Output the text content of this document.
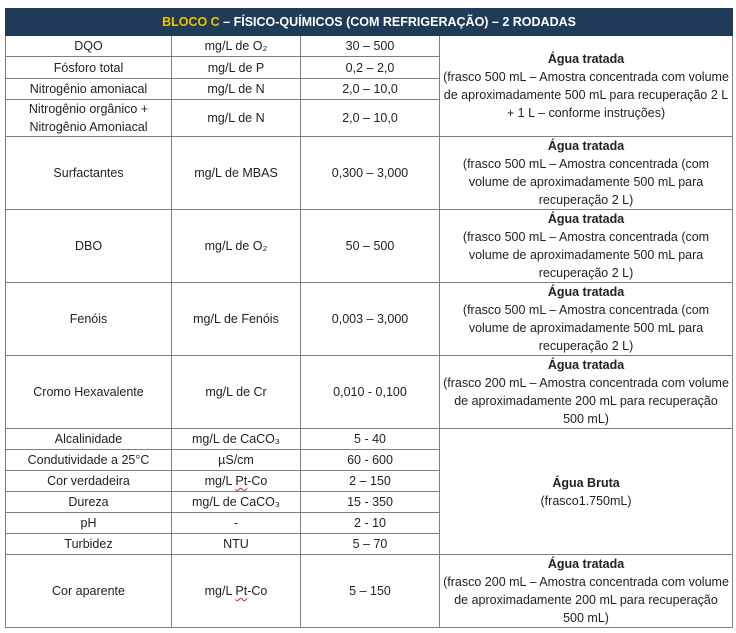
BLOCO C – FÍSICO-QUÍMICOS (COM REFRIGERAÇÃO) – 2 RODADAS			
DQO	mg/L de O₂	30 – 500	Água tratada
(frasco 500 mL – Amostra concentrada com volume de aproximadamente 500 mL para recuperação 2 L + 1 L – conforme instruções)

Fósforo total	mg/L de P	0,2 – 2,0	
Nitrogênio amoniacal	mg/L de N	2,0 – 10,0	
Nitrogênio orgânico + Nitrogênio Amoniacal	mg/L de N	2,0 – 10,0	
Surfactantes	mg/L de MBAS	0,300 – 3,000	Água tratada
(frasco 500 mL – Amostra concentrada (com volume de aproximadamente 500 mL para recuperação 2 L)

DBO	mg/L de O₂	50 – 500	Água tratada
(frasco 500 mL – Amostra concentrada (com volume de aproximadamente 500 mL para recuperação 2 L)

Fenóis	mg/L de Fenóis	0,003 – 3,000	Água tratada
(frasco 500 mL – Amostra concentrada (com volume de aproximadamente 500 mL para recuperação 2 L)

Cromo Hexavalente	mg/L de Cr	0,010 - 0,100	Água tratada
(frasco 200 mL – Amostra concentrada com volume de aproximadamente 200 mL para recuperação 500 mL)

Alcalinidade	mg/L de CaCO₃	5 - 40	Água Bruta
(frasco1.750mL)

Condutividade a 25°C	µS/cm	60 - 600	
Cor verdadeira	mg/L Pt-Co	2 – 150	
Dureza	mg/L de CaCO₃	15 - 350	
pH	-	2 - 10	
Turbidez	NTU	5 – 70	
Cor aparente	mg/L Pt-Co	5 – 150	Água tratada
(frasco 200 mL – Amostra concentrada com volume de aproximadamente 200 mL para recuperação 500 mL)
